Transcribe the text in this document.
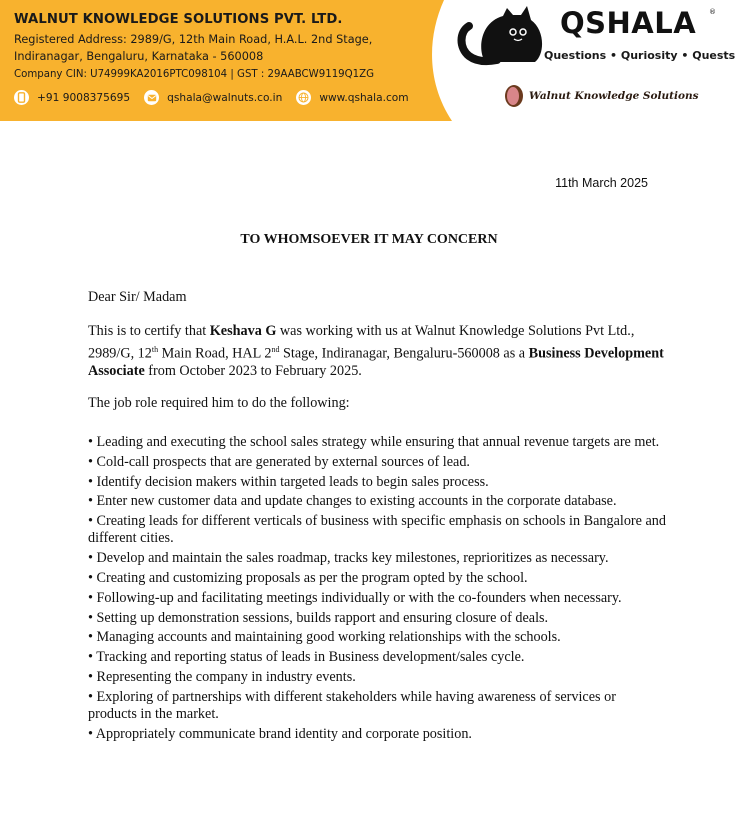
WALNUT KNOWLEDGE SOLUTIONS PVT. LTD.
Registered Address: 2989/G, 12th Main Road, H.A.L. 2nd Stage,
Indiranagar, Bengaluru, Karnataka - 560008
Company CIN: U74999KA2016PTC098104 | GST : 29AABCW9119Q1ZG
+91 9008375695	qshala@walnuts.co.in	www.qshala.com
QSHALA ®
Questions • Quriosity • Quests
Walnut Knowledge Solutions
11th March 2025
TO WHOMSOEVER IT MAY CONCERN
Dear Sir/ Madam
This is to certify that Keshava G was working with us at Walnut Knowledge Solutions Pvt Ltd., 2989/G, 12th Main Road, HAL 2nd Stage, Indiranagar, Bengaluru-560008 as a Business Development Associate from October 2023 to February 2025.
The job role required him to do the following:
• Leading and executing the school sales strategy while ensuring that annual revenue targets are met.
• Cold-call prospects that are generated by external sources of lead.
• Identify decision makers within targeted leads to begin sales process.
• Enter new customer data and update changes to existing accounts in the corporate database.
• Creating leads for different verticals of business with specific emphasis on schools in Bangalore and different cities.
• Develop and maintain the sales roadmap, tracks key milestones, reprioritizes as necessary.
• Creating and customizing proposals as per the program opted by the school.
• Following-up and facilitating meetings individually or with the co-founders when necessary.
• Setting up demonstration sessions, builds rapport and ensuring closure of deals.
• Managing accounts and maintaining good working relationships with the schools.
• Tracking and reporting status of leads in Business development/sales cycle.
• Representing the company in industry events.
• Exploring of partnerships with different stakeholders while having awareness of services or products in the market.
• Appropriately communicate brand identity and corporate position.
